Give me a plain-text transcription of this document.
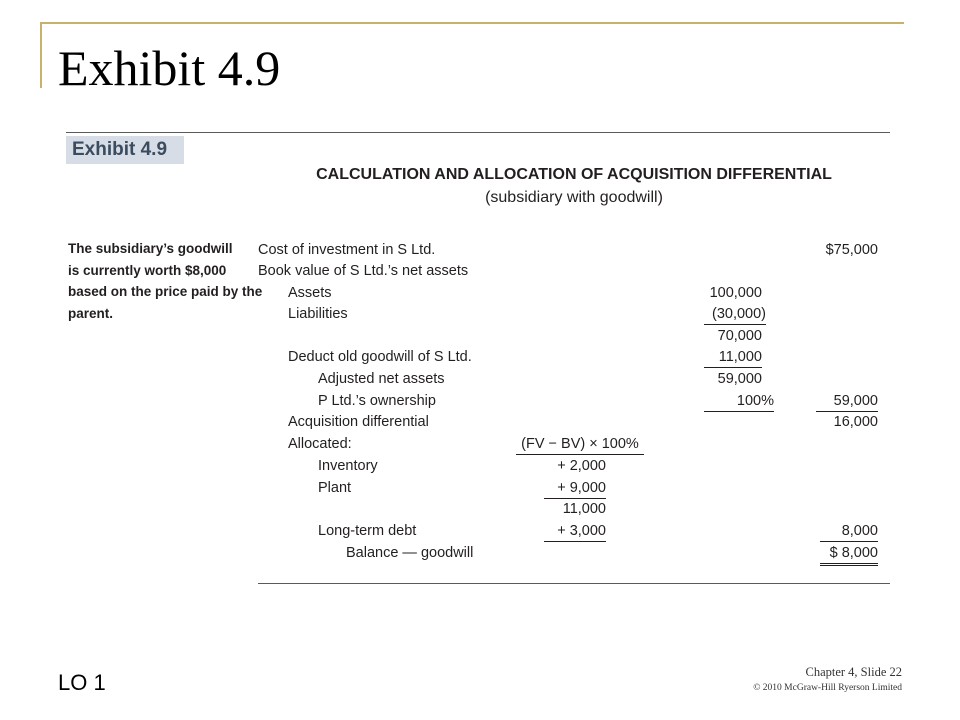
Exhibit 4.9
Exhibit 4.9
CALCULATION AND ALLOCATION OF ACQUISITION DIFFERENTIAL
(subsidiary with goodwill)
The subsidiary’s goodwill
is currently worth $8,000
based on the price paid by the
parent.
Cost of investment in S Ltd.	$75,000
Book value of S Ltd.’s net assets
Assets	100,000
Liabilities	(30,000)
70,000
Deduct old goodwill of S Ltd.	11,000
Adjusted net assets	59,000
P Ltd.’s ownership	100%	59,000
Acquisition differential	16,000
Allocated:	(FV − BV) × 100%
Inventory	+ 2,000
Plant	+ 9,000
11,000
Long-term debt	+ 3,000	8,000
Balance — goodwill	$ 8,000
LO 1	Chapter 4, Slide 22
© 2010 McGraw-Hill Ryerson Limited
